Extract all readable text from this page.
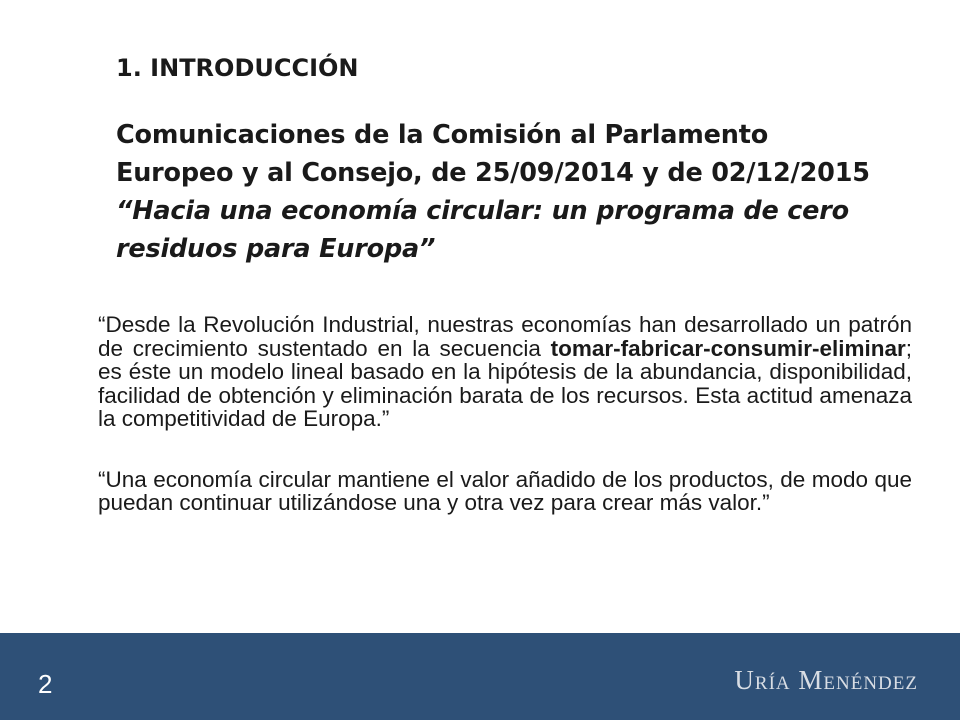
1. INTRODUCCIÓN
Comunicaciones de la Comisión al Parlamento Europeo y al Consejo, de 25/09/2014 y de 02/12/2015 “Hacia una economía circular: un programa de cero residuos para Europa”

“Desde la Revolución Industrial, nuestras economías han desarrollado un patrón de crecimiento sustentado en la secuencia tomar-fabricar-consumir-eliminar; es éste un modelo lineal basado en la hipótesis de la abundancia, disponibilidad, facilidad de obtención y eliminación barata de los recursos. Esta actitud amenaza la competitividad de Europa.”

“Una economía circular mantiene el valor añadido de los productos, de modo que puedan continuar utilizándose una y otra vez para crear más valor.”

2	Uría Menéndez
